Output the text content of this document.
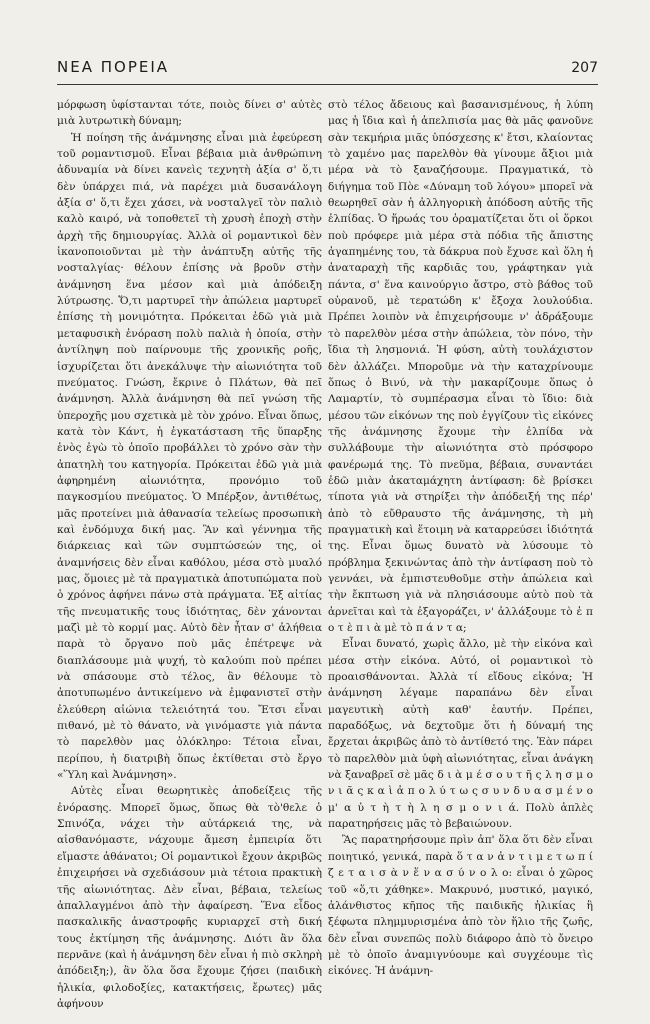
ΝΕΑ ΠΟΡΕΙΑ	207

μόρφωση ὑφίστανται τότε, ποιὸς δίνει σ' αὐτὲς μιὰ λυτρωτικὴ δύναμη;

Ἡ ποίηση τῆς ἀνάμνησης εἶναι μιὰ ἐφεύρεση τοῦ ρομαντισμοῦ. Εἶναι βέβαια μιὰ ἀνθρώπινη ἀδυναμία νὰ δίνει κανεὶς τεχνητὴ ἀξία σ' ὅ,τι δὲν ὑπάρχει πιά, νὰ παρέχει μιὰ δυσανάλογη ἀξία σ' ὅ,τι ἔχει χάσει, νὰ νοσταλγεῖ τὸν παλιὸ καλὸ καιρό, νὰ τοποθετεῖ τὴ χρυσὴ ἐποχὴ στὴν ἀρχὴ τῆς δημιουργίας. Ἀλλὰ οἱ ρομαντικοὶ δὲν ἱκανοποιοῦνται μὲ τὴν ἀνάπτυξη αὐτῆς τῆς νοσταλγίας· θέλουν ἐπίσης νὰ βροῦν στὴν ἀνάμνηση ἕνα μέσον καὶ μιὰ ἀπόδειξη λύτρωσης. Ὅ,τι μαρτυρεῖ τὴν ἀπώλεια μαρτυρεῖ ἐπίσης τὴ μονιμότητα. Πρόκειται ἐδῶ γιὰ μιὰ μεταφυσικὴ ἐνόραση πολὺ παλιὰ ἡ ὁποία, στὴν ἀντίληψη ποὺ παίρνουμε τῆς χρονικῆς ροῆς, ἰσχυρίζεται ὅτι ἀνεκάλυψε τὴν αἰωνιότητα τοῦ πνεύματος. Γνώση, ἔκρινε ὁ Πλάτων, θὰ πεῖ ἀνάμνηση. Ἀλλὰ ἀνάμνηση θὰ πεῖ γνώση τῆς ὑπεροχῆς μου σχετικὰ μὲ τὸν χρόνο. Εἶναι ὅπως, κατὰ τὸν Κάντ, ἡ ἐγκατάσταση τῆς ὕπαρξης ἑνὸς ἐγὼ τὸ ὁποῖο προβάλλει τὸ χρόνο σὰν τὴν ἀπατηλὴ του κατηγορία. Πρόκειται ἐδῶ γιὰ μιὰ ἀφηρημένη αἰωνιότητα, προνόμιο τοῦ παγκοσμίου πνεύματος. Ὁ Μπέρξον, ἀντιθέτως, μᾶς προτείνει μιὰ ἀθανασία τελείως προσωπικὴ καὶ ἐνδόμυχα δική μας. Ἂν καὶ γέννημα τῆς διάρκειας καὶ τῶν συμπτώσεών της, οἱ ἀναμνήσεις δὲν εἶναι καθόλου, μέσα στὸ μυαλό μας, ὅμοιες μὲ τὰ πραγματικὰ ἀποτυπώματα ποὺ ὁ χρόνος ἀφήνει πάνω στὰ πράγματα. Ἐξ αἰτίας τῆς πνευματικῆς τους ἰδιότητας, δὲν χάνονται μαζὶ μὲ τὸ κορμί μας. Αὐτὸ δὲν ἦταν σ' ἀλήθεια παρὰ τὸ ὄργανο ποὺ μᾶς ἐπέτρεψε νὰ διαπλάσουμε μιὰ ψυχή, τὸ καλούπι ποὺ πρέπει νὰ σπάσουμε στὸ τέλος, ἂν θέλουμε τὸ ἀποτυπωμένο ἀντικείμενο νὰ ἐμφανιστεῖ στὴν ἐλεύθερη αἰώνια τελειότητά του. Ἔτσι εἶναι πιθανό, μὲ τὸ θάνατο, νὰ γινόμαστε γιὰ πάντα τὸ παρελθὸν μας ὁλόκληρο: Τέτοια εἶναι, περίπου, ἡ διατριβὴ ὅπως ἐκτίθεται στὸ ἔργο «Ὕλη καὶ Ἀνάμνηση».

Αὐτὲς εἶναι θεωρητικὲς ἀποδείξεις τῆς ἐνόρασης. Μπορεῖ ὅμως, ὅπως θὰ τὸ'θελε ὁ Σπινόζα, νάχει τὴν αὐτάρκειά της, νὰ αἰσθανόμαστε, νάχουμε ἄμεση ἐμπειρία ὅτι εἴμαστε ἀθάνατοι; Οἱ ρομαντικοὶ ἔχουν ἀκριβῶς ἐπιχειρήσει νὰ σχεδιάσουν μιὰ τέτοια πρακτικὴ τῆς αἰωνιότητας. Δὲν εἶναι, βέβαια, τελείως ἀπαλλαγμένοι ἀπὸ τὴν ἀφαίρεση. Ἕνα εἶδος πασκαλικῆς ἀναστροφῆς κυριαρχεῖ στὴ δική τους ἐκτίμηση τῆς ἀνάμνησης. Διότι ἂν ὅλα περνᾶνε (καὶ ἡ ἀνάμνηση δὲν εἶναι ἡ πιὸ σκληρὴ ἀπόδειξη;), ἂν ὅλα ὅσα ἔχουμε ζήσει (παιδικὴ ἡλικία, φιλοδοξίες, κατακτήσεις, ἔρωτες) μᾶς ἀφήνουν

στὸ τέλος ἄδειους καὶ βασανισμένους, ἡ λύπη μας ἡ ἴδια καὶ ἡ ἀπελπισία μας θὰ μᾶς φανοῦνε σὰν τεκμήρια μιᾶς ὑπόσχεσης κ' ἔτσι, κλαίοντας τὸ χαμένο μας παρελθὸν θὰ γίνουμε ἄξιοι μιὰ μέρα νὰ τὸ ξαναζήσουμε. Πραγματικά, τὸ διήγημα τοῦ Πὸε «Δύναμη τοῦ λόγου» μπορεῖ νὰ θεωρηθεῖ σὰν ἡ ἀλληγορικὴ ἀπόδοση αὐτῆς τῆς ἐλπίδας. Ὁ ἥρωάς του ὁραματίζεται ὅτι οἱ ὅρκοι ποὺ πρόφερε μιὰ μέρα στὰ πόδια τῆς ἄπιστης ἀγαπημένης του, τὰ δάκρυα ποὺ ἔχυσε καὶ ὅλη ἡ ἀναταραχὴ τῆς καρδιᾶς του, γράφτηκαν γιὰ πάντα, σ' ἕνα καινούργιο ἄστρο, στὸ βάθος τοῦ οὐρανοῦ, μὲ τερατώδη κ' ἔξοχα λουλούδια. Πρέπει λοιπὸν νὰ ἐπιχειρήσουμε ν' ἀδράξουμε τὸ παρελθὸν μέσα στὴν ἀπώλεια, τὸν πόνο, τὴν ἴδια τὴ λησμονιά. Ἡ φύση, αὐτὴ τουλάχιστον δὲν ἀλλάζει. Μποροῦμε νὰ τὴν καταχρίνουμε ὅπως ὁ Βινύ, νὰ τὴν μακαρίζουμε ὅπως ὁ Λαμαρτίν, τὸ συμπέρασμα εἶναι τὸ ἴδιο: διὰ μέσου τῶν εἰκόνων της ποὺ ἐγγίζουν τὶς εἰκόνες τῆς ἀνάμνησης ἔχουμε τὴν ἐλπίδα νὰ συλλάβουμε τὴν αἰωνιότητα στὸ πρόσφορο φανέρωμά της. Τὸ πνεῦμα, βέβαια, συναντάει ἐδῶ μιὰν ἀκαταμάχητη ἀντίφαση: δὲ βρίσκει τίποτα γιὰ νὰ στηρίξει τὴν ἀπόδειξή της πέρ' ἀπὸ τὸ εὔθραυστο τῆς ἀνάμνησης, τὴ μὴ πραγματικὴ καὶ ἕτοιμη νὰ καταρρεύσει ἰδιότητά της. Εἶναι ὅμως δυνατὸ νὰ λύσουμε τὸ πρόβλημα ξεκινώντας ἀπὸ τὴν ἀντίφαση ποὺ τὸ γεννάει, νὰ ἐμπιστευθοῦμε στὴν ἀπώλεια καὶ τὴν ἔκπτωση γιὰ νὰ πλησιάσουμε αὐτὸ ποὺ τὰ ἀρνεῖται καὶ τὰ ἐξαγοράζει, ν' ἀλλάξουμε τὸ ἐ π ο τ ὲ π ι ὰ μὲ τὸ π ά ν τ α;

Εἶναι δυνατό, χωρὶς ἄλλο, μὲ τὴν εἰκόνα καὶ μέσα στὴν εἰκόνα. Αὐτό, οἱ ρομαντικοὶ τὸ προαισθάνονται. Ἀλλὰ τί εἴδους εἰκόνα; Ἡ ἀνάμνηση λέγαμε παραπάνω δὲν εἶναι μαγευτικὴ αὐτὴ καθ' ἑαυτήν. Πρέπει, παραδόξως, νὰ δεχτοῦμε ὅτι ἡ δύναμή της ἔρχεται ἀκριβῶς ἀπὸ τὸ ἀντίθετό της. Ἐὰν πάρει τὸ παρελθὸν μιὰ ὑφὴ αἰωνιότητας, εἶναι ἀνάγκη νὰ ξαναβρεῖ σὲ μᾶς δ ι ὰ μ έ σ ο υ τ ῆ ς λ η σ μ ο ν ι ᾶ ς κ α ὶ ἀ π ο λ ύ τ ω ς σ υ ν δ υ α σ μ έ ν ο μ' α ὐ τ ὴ τ ὴ λ η σ μ ο ν ι ά. Πολὺ ἁπλὲς παρατηρήσεις μᾶς τὸ βεβαιώνουν.

Ἂς παρατηρήσουμε πρὶν ἀπ' ὅλα ὅτι δὲν εἶναι ποιητικό, γενικά, παρὰ ὅ τ α ν ἀ ν τ ι μ ε τ ω π ί ζ ε τ α ι σ ὰ ν ἕ ν α σ ύ ν ο λ ο: εἶναι ὁ χῶρος τοῦ «ὅ,τι χάθηκε». Μακρυνό, μυστικό, μαγικό, ἀλάνθιστος κῆπος τῆς παιδικῆς ἡλικίας ἢ ξέφωτα πλημμυρισμένα ἀπὸ τὸν ἥλιο τῆς ζωῆς, δὲν εἶναι συνεπῶς πολὺ διάφορο ἀπὸ τὸ ὄνειρο μὲ τὸ ὁποῖο ἀναμιγνύουμε καὶ συγχέουμε τὶς εἰκόνες. Ἡ ἀνάμνη-
